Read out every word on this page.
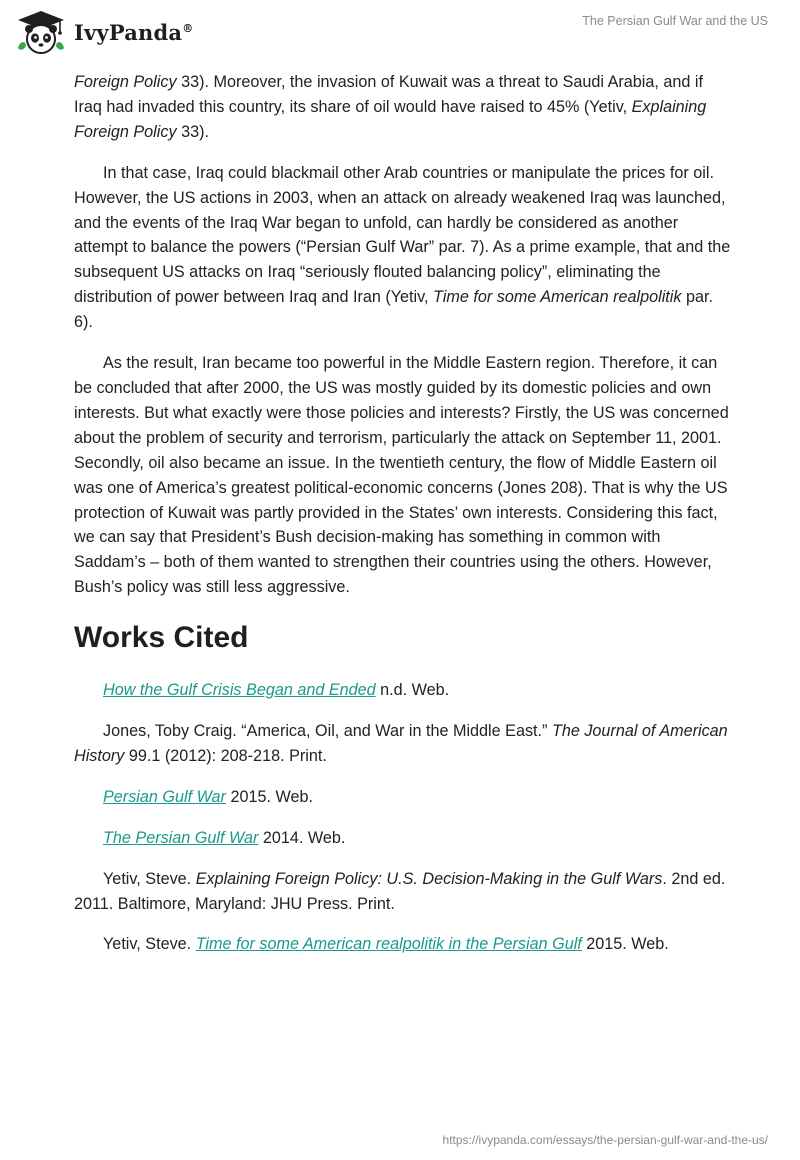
IvyPanda®	The Persian Gulf War and the US

Foreign Policy 33). Moreover, the invasion of Kuwait was a threat to Saudi Arabia, and if Iraq had invaded this country, its share of oil would have raised to 45% (Yetiv, Explaining Foreign Policy 33).

In that case, Iraq could blackmail other Arab countries or manipulate the prices for oil. However, the US actions in 2003, when an attack on already weakened Iraq was launched, and the events of the Iraq War began to unfold, can hardly be considered as another attempt to balance the powers (“Persian Gulf War” par. 7). As a prime example, that and the subsequent US attacks on Iraq “seriously flouted balancing policy”, eliminating the distribution of power between Iraq and Iran (Yetiv, Time for some American realpolitik par. 6).

As the result, Iran became too powerful in the Middle Eastern region. Therefore, it can be concluded that after 2000, the US was mostly guided by its domestic policies and own interests. But what exactly were those policies and interests? Firstly, the US was concerned about the problem of security and terrorism, particularly the attack on September 11, 2001. Secondly, oil also became an issue. In the twentieth century, the flow of Middle Eastern oil was one of America’s greatest political-economic concerns (Jones 208). That is why the US protection of Kuwait was partly provided in the States’ own interests. Considering this fact, we can say that President’s Bush decision-making has something in common with Saddam’s – both of them wanted to strengthen their countries using the others. However, Bush’s policy was still less aggressive.

Works Cited

How the Gulf Crisis Began and Ended n.d. Web.

Jones, Toby Craig. “America, Oil, and War in the Middle East.” The Journal of American History 99.1 (2012): 208-218. Print.

Persian Gulf War 2015. Web.

The Persian Gulf War 2014. Web.

Yetiv, Steve. Explaining Foreign Policy: U.S. Decision-Making in the Gulf Wars. 2nd ed. 2011. Baltimore, Maryland: JHU Press. Print.

Yetiv, Steve. Time for some American realpolitik in the Persian Gulf 2015. Web.

https://ivypanda.com/essays/the-persian-gulf-war-and-the-us/
